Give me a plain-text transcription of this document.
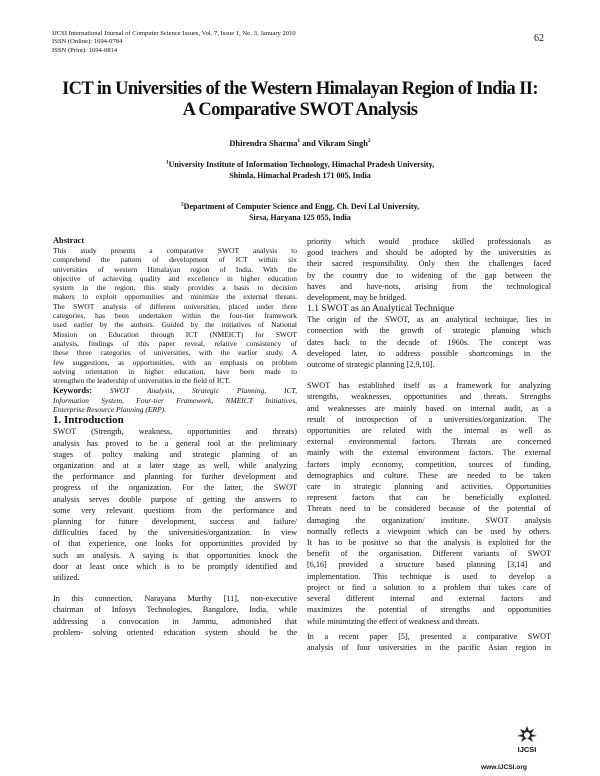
IJCSI International Journal of Computer Science Issues, Vol. 7, Issue 1, No. 3, January 2010
ISSN (Online): 1694-0784
ISSN (Print): 1694-0814
62
ICT in Universities of the Western Himalayan Region of India II:
A Comparative SWOT Analysis
Dhirendra Sharma$^1$ and Vikram Singh$^2$
$^1$University Institute of Information Technology, Himachal Pradesh University,
Shimla, Himachal Pradesh 171 005, India
$^2$Department of Computer Science and Engg, Ch. Devi Lal University,
Sirsa, Haryana 125 055, India

Abstract

This study presents a comparative SWOT analysis to
comprehend the pattern of development of ICT within six
universities of western Himalayan region of India. With the
objective of achieving quality and excellence in higher education
system in the region, this study provides a basis to decision
makers to exploit opportunities and minimize the external threats.
The SWOT analysis of different universities, placed under three
categories, has been undertaken within the four-tier framework
used earlier by the authors. Guided by the initiatives of National
Mission on Education through ICT (NMEICT) for SWOT
analysis, findings of this paper reveal, relative consistency of
these three categories of universities, with the earlier study. A
few suggestions, as opportunities, with an emphasis on problem
solving orientation in higher education, have been made to
strengthen the leadership of universities in the field of ICT.

Keywords: SWOT Analysis, Strategic Planning, ICT,
Information System, Four-tier Framework, NMEICT Initiatives,
Enterprise Resource Planning (ERP).

1. Introduction

SWOT (Strength, weakness, opportunities and threats)
analysis has proved to be a general tool at the preliminary
stages of policy making and strategic planning of an
organization and at a later stage as well, while analyzing
the performance and planning for further development and
progress of the organization. For the latter, the SWOT
analysis serves double purpose of getting the answers to
some very relevant questions from the performance and
planning for future development, success and failure/
difficulties faced by the universities/organization. In view
of that experience, one looks for opportunities provided by
such an analysis. A saying is that opportunities knock the
door at least once which is to be promptly identified and
utilized.

In this connection, Narayana Murthy [11], non-executive
chairman of Infosys Technologies, Bangalore, India, while
addressing a convocation in Jammu, admonished that
problem- solving oriented education system should be the

priority which would produce skilled professionals as
good teachers and should be adopted by the universities as
their sacred responsibility. Only then the challenges faced
by the country due to widening of the gap between the
haves and have-nots, arising from the technological
development, may be bridged.

1.1 SWOT as an Analytical Technique

The origin of the SWOT, as an analytical technique, lies in
connection with the growth of strategic planning which
dates back to the decade of 1960s. The concept was
developed later, to address possible shortcomings in the
outcome of strategic planning [2,9,10].

SWOT has established itself as a framework for analyzing
strengths, weaknesses, opportunities and threats. Strengths
and weaknesses are mainly based on internal audit, as a
result of introspection of a universities/organization. The
opportunities are related with the internal as well as
external environmental factors. Threats are concerned
mainly with the external environment factors. The external
factors imply economy, competition, sources of funding,
demographics and culture. These are needed to be taken
care in strategic planning and activities. Opportunities
represent factors that can be beneficially exploited.
Threats need to be considered because of the potential of
damaging the organization/ institute. SWOT analysis
normally reflects a viewpoint which can be used by others.
It has to be positive so that the analysis is exploited for the
benefit of the organisation. Different variants of SWOT
[6,16] provided a structure based planning [3,14] and
implementation. This technique is used to develop a
project or find a solution to a problem that takes care of
several different internal and external factors and
maximizes the potential of strengths and opportunities
while minimizing the effect of weakness and threats.

In a recent paper [5], presented a comparative SWOT
analysis of four universities in the pacific Asian region in

IJCSI
www.IJCSI.org
